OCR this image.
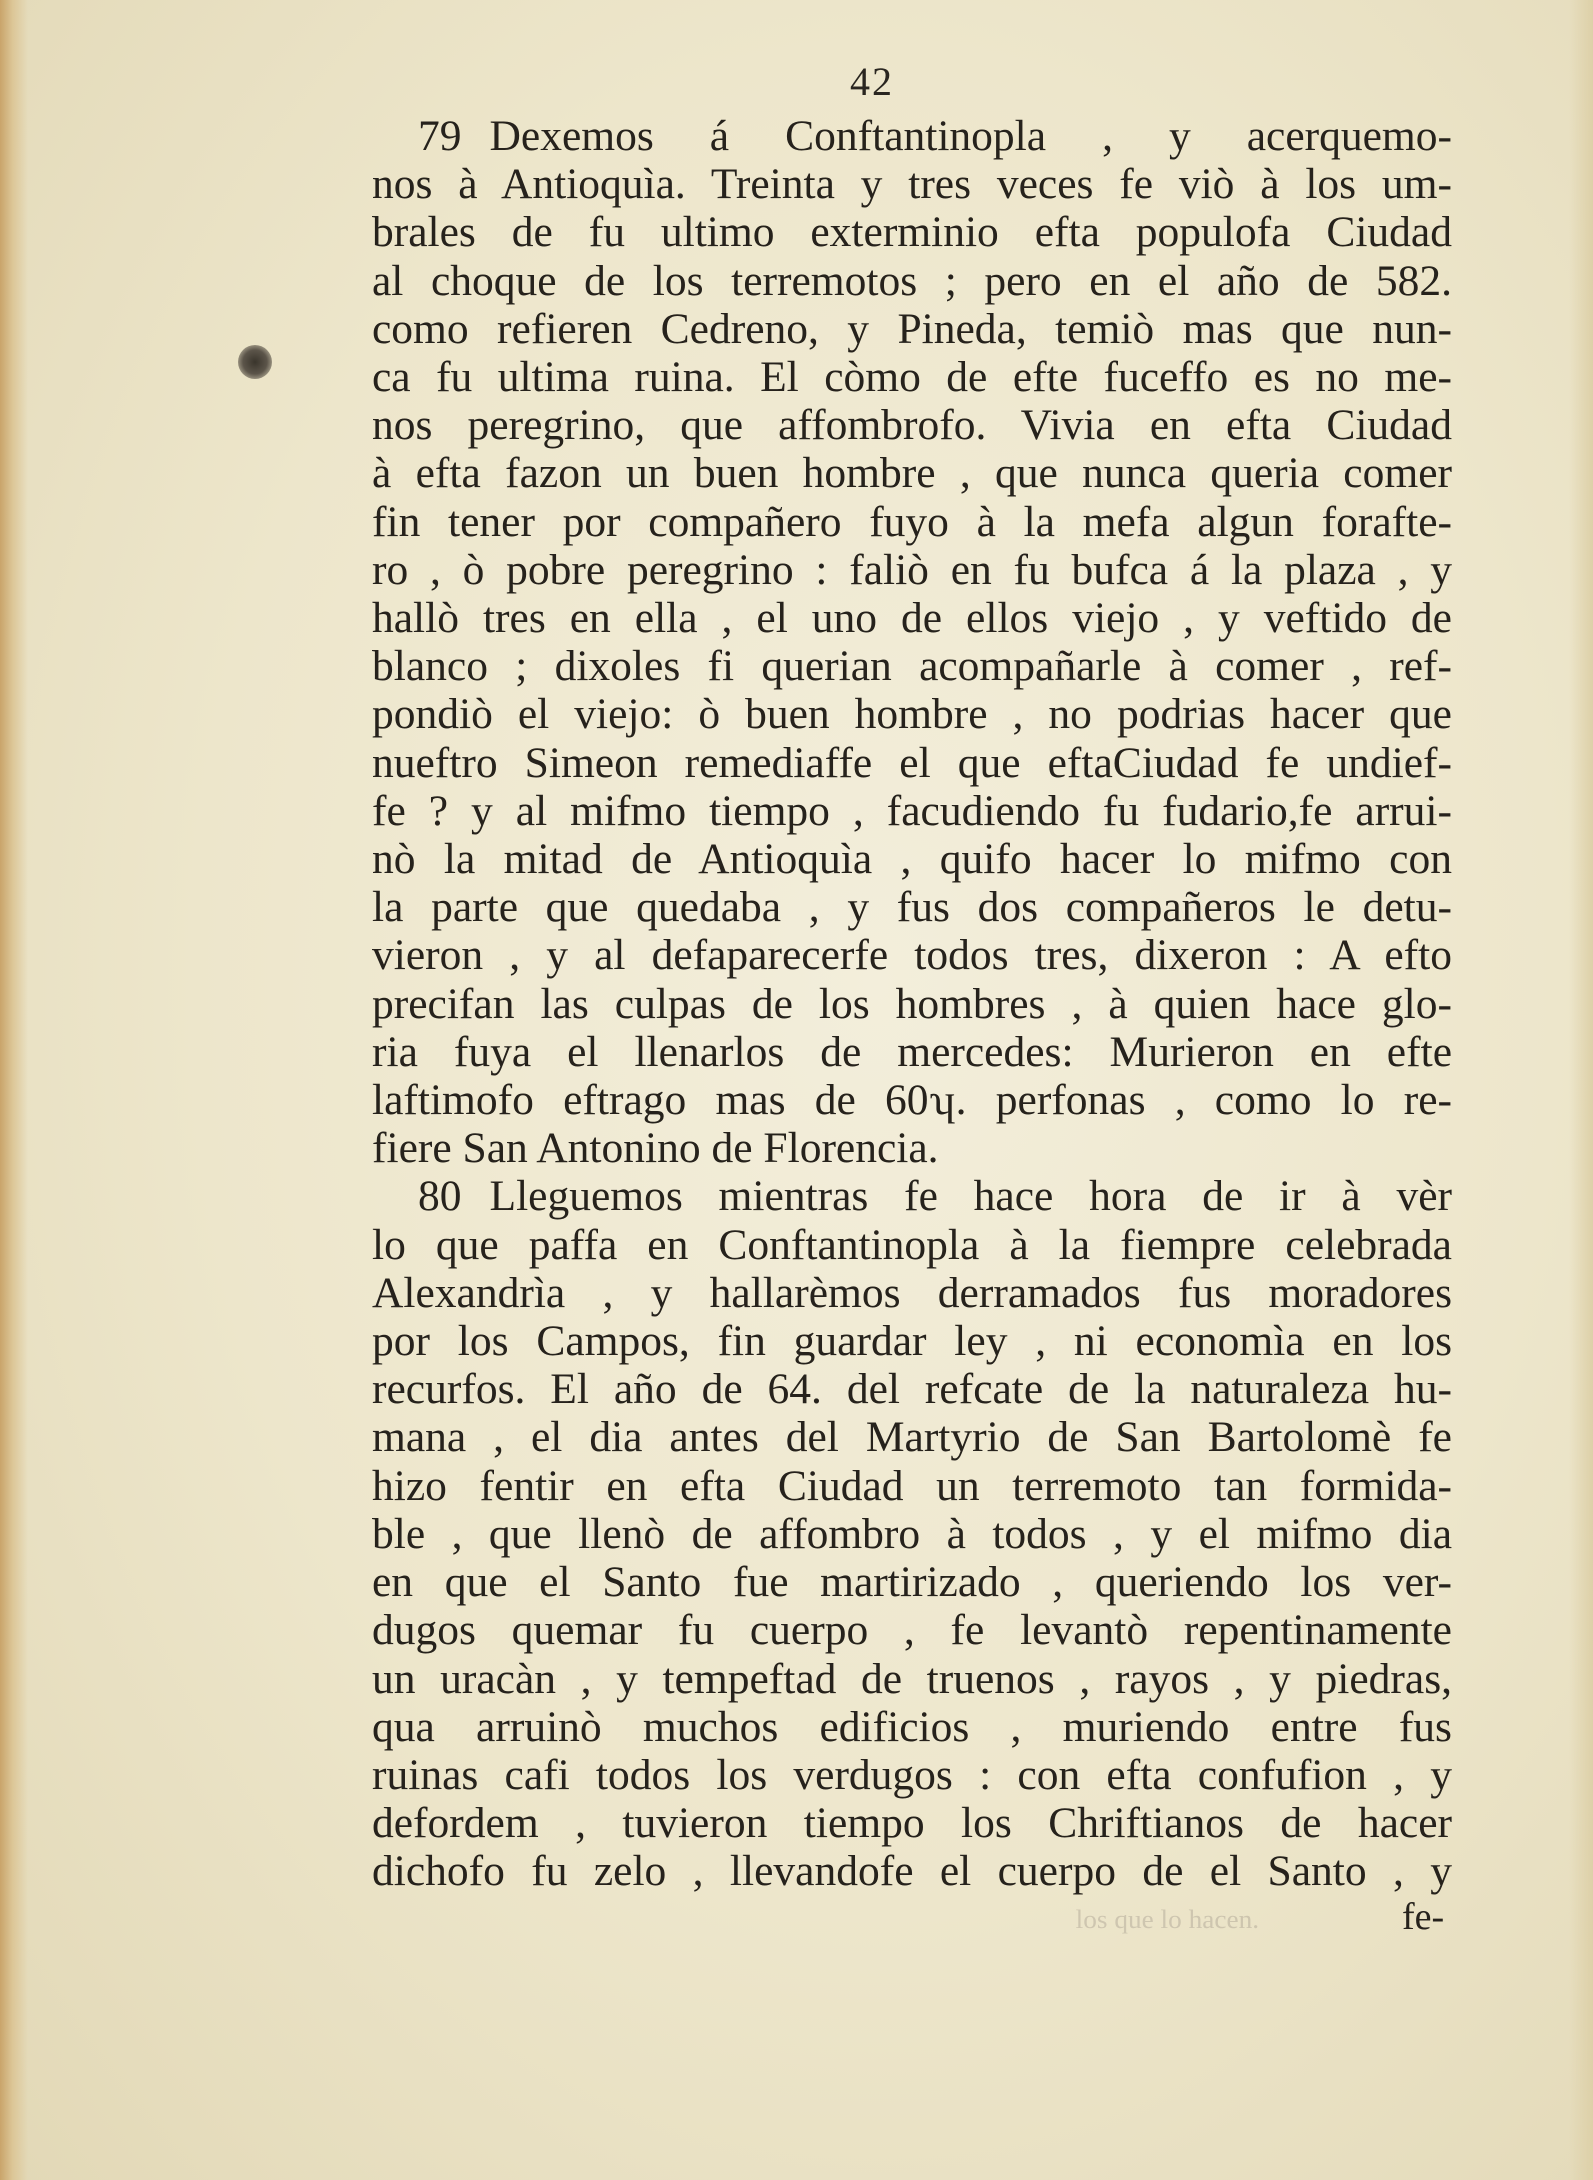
los que lo hacen.
42
79 Dexemos á Conftantinopla , y acerquemo-
nos à Antioquìa. Treinta y tres veces fe viò à los um-
brales de fu ultimo exterminio efta populofa Ciudad
al choque de los terremotos ; pero en el año de 582.
como refieren Cedreno, y Pineda, temiò mas que nun-
ca fu ultima ruina. El còmo de efte fuceffo es no me-
nos peregrino, que affombrofo. Vivia en efta Ciudad
à efta fazon un buen hombre , que nunca queria comer
fin tener por compañero fuyo à la mefa algun forafte-
ro , ò pobre peregrino : faliò en fu bufca á la plaza , y
hallò tres en ella , el uno de ellos viejo , y veftido de
blanco ; dixoles fi querian acompañarle à comer , ref-
pondiò el viejo: ò buen hombre , no podrias hacer que
nueftro Simeon remediaffe el que eftaCiudad fe undief-
fe ? y al mifmo tiempo , facudiendo fu fudario,fe arrui-
nò la mitad de Antioquìa , quifo hacer lo mifmo con
la parte que quedaba , y fus dos compañeros le detu-
vieron , y al defaparecerfe todos tres, dixeron : A efto
precifan las culpas de los hombres , à quien hace glo-
ria fuya el llenarlos de mercedes: Murieron en efte
laftimofo eftrago mas de 60ʮ. perfonas , como lo re-
fiere San Antonino de Florencia.
80 Lleguemos mientras fe hace hora de ir à vèr
lo que paffa en Conftantinopla à la fiempre celebrada
Alexandrìa , y hallarèmos derramados fus moradores
por los Campos, fin guardar ley , ni economìa en los
recurfos. El año de 64. del refcate de la naturaleza hu-
mana , el dia antes del Martyrio de San Bartolomè fe
hizo fentir en efta Ciudad un terremoto tan formida-
ble , que llenò de affombro à todos , y el mifmo dia
en que el Santo fue martirizado , queriendo los ver-
dugos quemar fu cuerpo , fe levantò repentinamente
un uracàn , y tempeftad de truenos , rayos , y piedras,
qua arruinò muchos edificios , muriendo entre fus
ruinas cafi todos los verdugos : con efta confufion , y
defordem , tuvieron tiempo los Chriftianos de hacer
dichofo fu zelo , llevandofe el cuerpo de el Santo , y
fe-
